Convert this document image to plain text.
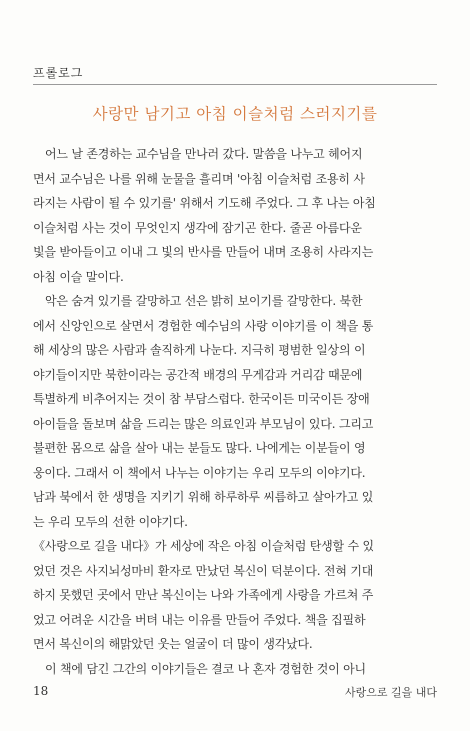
프롤로그
사랑만 남기고 아침 이슬처럼 스러지기를
어느 날 존경하는 교수님을 만나러 갔다. 말씀을 나누고 헤어지
면서 교수님은 나를 위해 눈물을 흘리며 '아침 이슬처럼 조용히 사
라지는 사람이 될 수 있기를' 위해서 기도해 주었다. 그 후 나는 아침
이슬처럼 사는 것이 무엇인지 생각에 잠기곤 한다. 줄곧 아름다운
빛을 받아들이고 이내 그 빛의 반사를 만들어 내며 조용히 사라지는
아침 이슬 말이다.
악은 숨겨 있기를 갈망하고 선은 밝히 보이기를 갈망한다. 북한
에서 신앙인으로 살면서 경험한 예수님의 사랑 이야기를 이 책을 통
해 세상의 많은 사람과 솔직하게 나눈다. 지극히 평범한 일상의 이
야기들이지만 북한이라는 공간적 배경의 무게감과 거리감 때문에
특별하게 비추어지는 것이 참 부담스럽다. 한국이든 미국이든 장애
아이들을 돌보며 삶을 드리는 많은 의료인과 부모님이 있다. 그리고
불편한 몸으로 삶을 살아 내는 분들도 많다. 나에게는 이분들이 영
웅이다. 그래서 이 책에서 나누는 이야기는 우리 모두의 이야기다.
남과 북에서 한 생명을 지키기 위해 하루하루 씨름하고 살아가고 있
는 우리 모두의 선한 이야기다.
《사랑으로 길을 내다》가 세상에 작은 아침 이슬처럼 탄생할 수 있
었던 것은 사지뇌성마비 환자로 만났던 복신이 덕분이다. 전혀 기대
하지 못했던 곳에서 만난 복신이는 나와 가족에게 사랑을 가르쳐 주
었고 어려운 시간을 버텨 내는 이유를 만들어 주었다. 책을 집필하
면서 복신이의 해맑았던 웃는 얼굴이 더 많이 생각났다.
이 책에 담긴 그간의 이야기들은 결코 나 혼자 경험한 것이 아니
18	사랑으로 길을 내다
